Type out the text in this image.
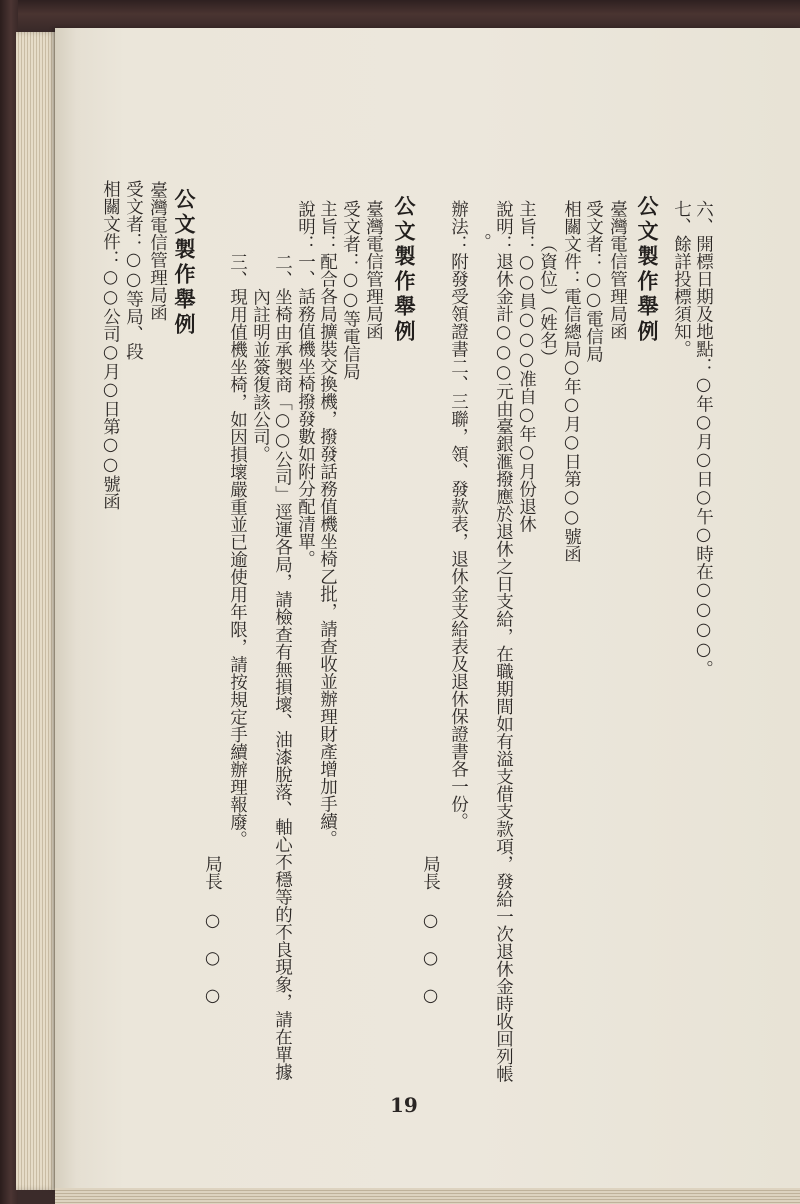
六、開標日期及地點：○年○月○日○午○時在○○○○。
七、餘詳投標須知。
公文製作舉例
臺灣電信管理局函
受文者：○○電信局
相關文件：電信總局○年○月○日第○○號函
（資位）（姓名）
主旨：○○員○○○准自○年○月份退休
說明：退休金計○○○元由臺銀滙撥應於退休之日支給，在職期間如有溢支借支款項，發給一次退休金時收回列帳
。
辦法：附發受領證書二、三聯，領、發款表，退休金支給表及退休保證書各一份。
局長
○○○
公文製作舉例
臺灣電信管理局函
受文者：○○等電信局
主旨：配合各局擴裝交換機，撥發話務值機坐椅乙批，請查收並辦理財產增加手續。
說明：一、話務值機坐椅撥發數如附分配清單。
二、坐椅由承製商「○○公司」逕運各局，請檢查有無損壞、油漆脫落、軸心不穩等的不良現象，請在單據
內註明並簽復該公司。
三、現用值機坐椅，如因損壞嚴重並已逾使用年限，請按規定手續辦理報廢。
局長
○○○
公文製作舉例
臺灣電信管理局函
受文者：○○等局、段
相關文件：○○公司○月○日第○○號函
19
